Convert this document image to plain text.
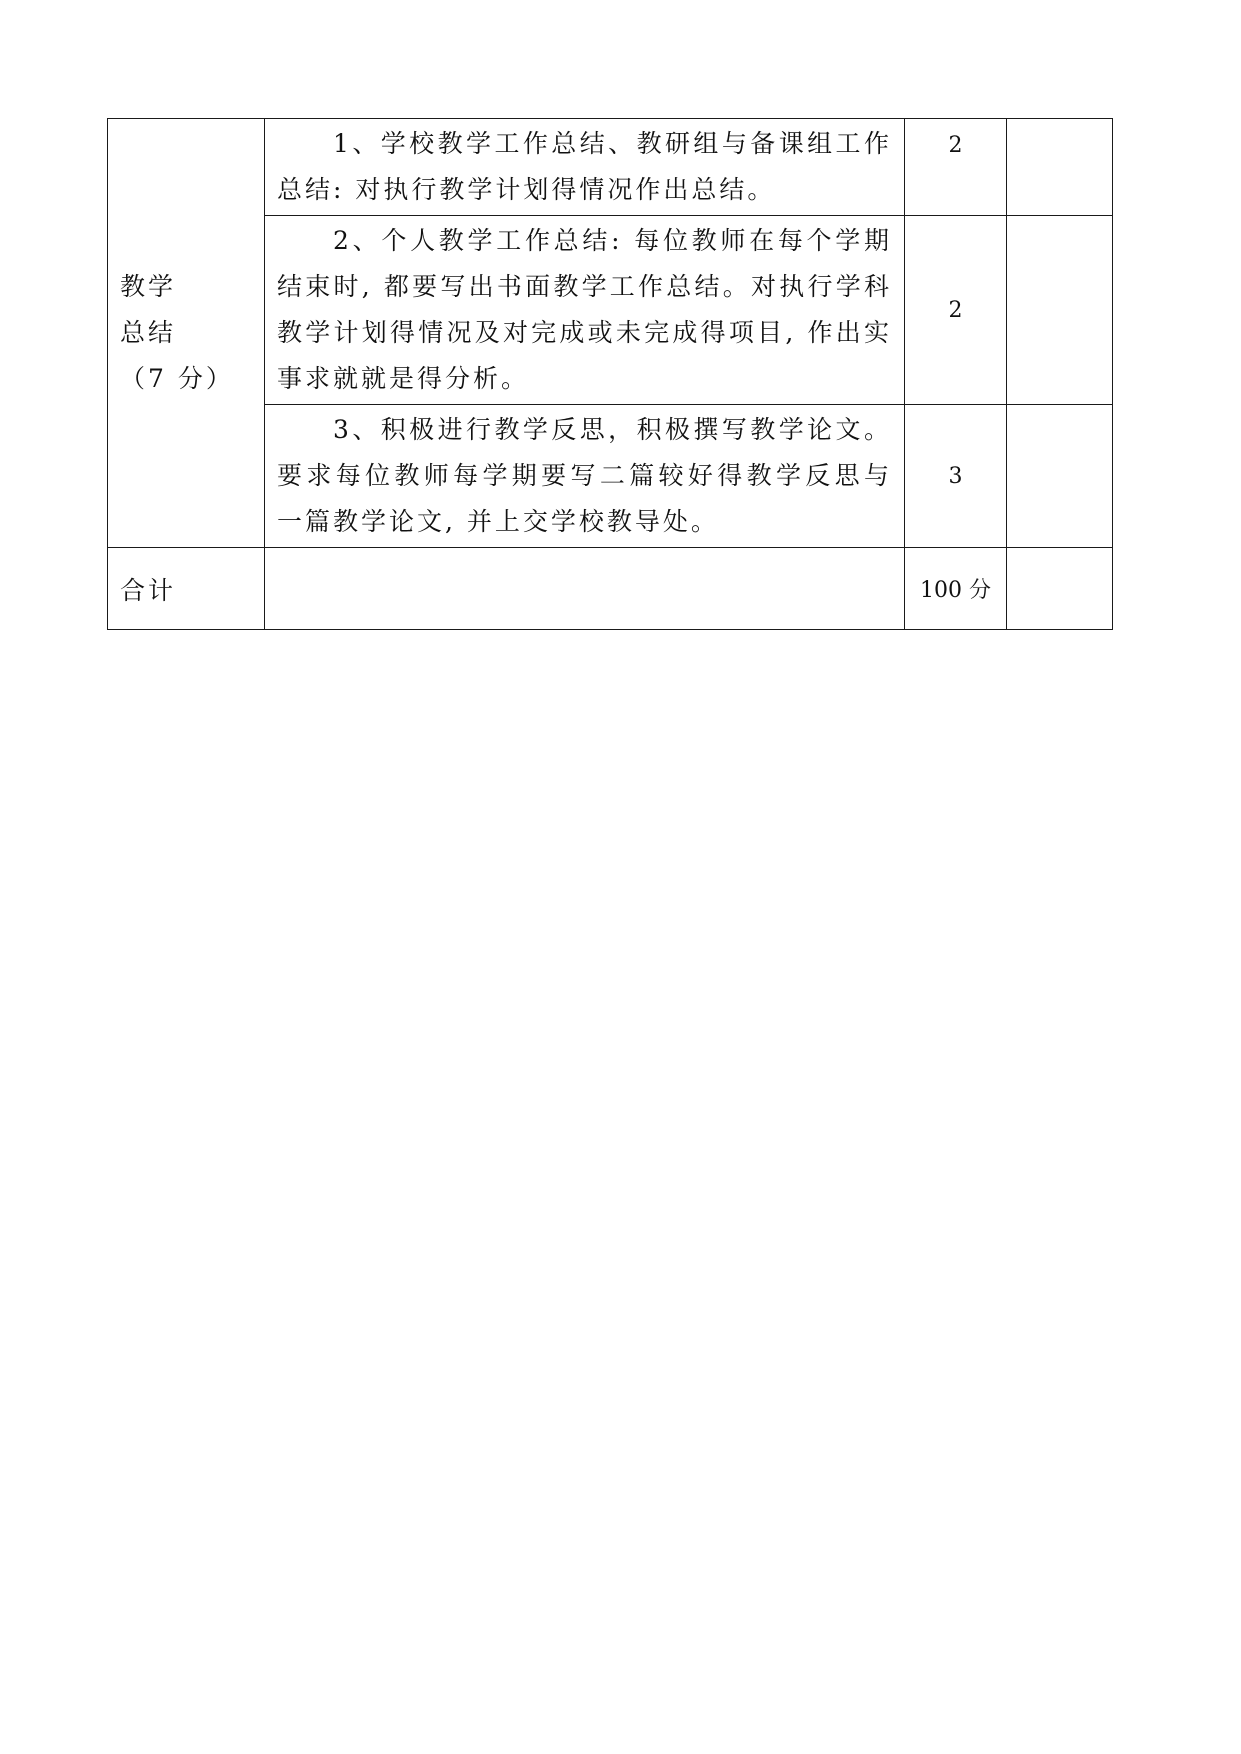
教学
总结
（7 分）	1、学校教学工作总结、教研组与备课组工作总结: 对执行教学计划得情况作出总结。	2	
	2、个人教学工作总结: 每位教师在每个学期结束时, 都要写出书面教学工作总结。对执行学科教学计划得情况及对完成或未完成得项目, 作出实事求就就是得分析。	2	
	3、积极进行教学反思，积极撰写教学论文。要求每位教师每学期要写二篇较好得教学反思与一篇教学论文, 并上交学校教导处。	3	
合计		100 分	
